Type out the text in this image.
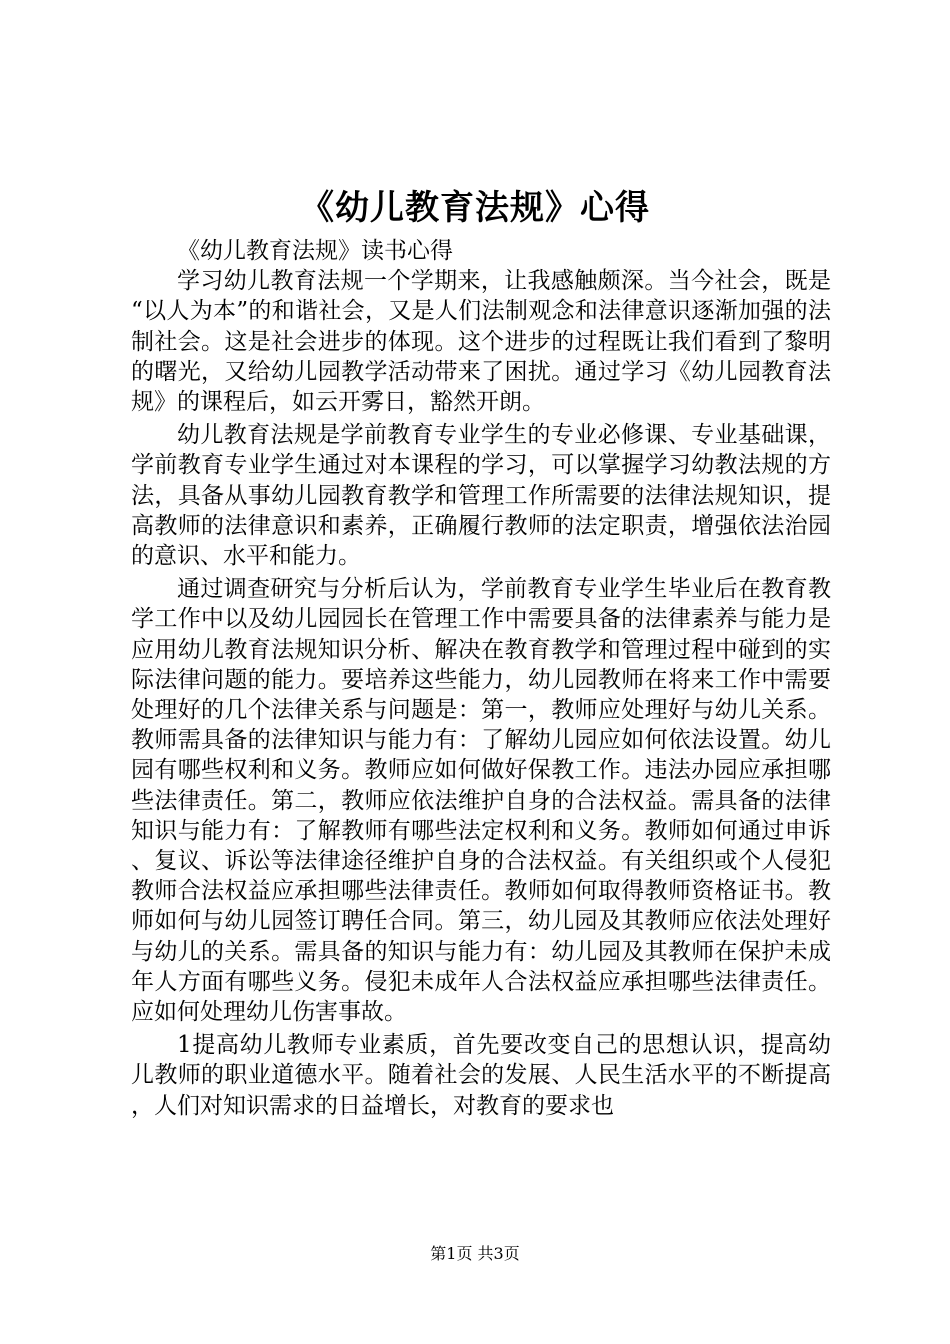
《幼儿教育法规》心得

《幼儿教育法规》读书心得

学习幼儿教育法规一个学期来，让我感触颇深。当今社会，既是“以人为本”的和谐社会，又是人们法制观念和法律意识逐渐加强的法制社会。这是社会进步的体现。这个进步的过程既让我们看到了黎明的曙光，又给幼儿园教学活动带来了困扰。通过学习《幼儿园教育法规》的课程后，如云开雾日，豁然开朗。

幼儿教育法规是学前教育专业学生的专业必修课、专业基础课，学前教育专业学生通过对本课程的学习，可以掌握学习幼教法规的方法，具备从事幼儿园教育教学和管理工作所需要的法律法规知识，提高教师的法律意识和素养，正确履行教师的法定职责，增强依法治园的意识、水平和能力。

通过调查研究与分析后认为，学前教育专业学生毕业后在教育教学工作中以及幼儿园园长在管理工作中需要具备的法律素养与能力是应用幼儿教育法规知识分析、解决在教育教学和管理过程中碰到的实际法律问题的能力。要培养这些能力，幼儿园教师在将来工作中需要处理好的几个法律关系与问题是：第一，教师应处理好与幼儿关系。教师需具备的法律知识与能力有：了解幼儿园应如何依法设置。幼儿园有哪些权利和义务。教师应如何做好保教工作。违法办园应承担哪些法律责任。第二，教师应依法维护自身的合法权益。需具备的法律知识与能力有：了解教师有哪些法定权利和义务。教师如何通过申诉、复议、诉讼等法律途径维护自身的合法权益。有关组织或个人侵犯教师合法权益应承担哪些法律责任。教师如何取得教师资格证书。教师如何与幼儿园签订聘任合同。第三，幼儿园及其教师应依法处理好与幼儿的关系。需具备的知识与能力有：幼儿园及其教师在保护未成年人方面有哪些义务。侵犯未成年人合法权益应承担哪些法律责任。应如何处理幼儿伤害事故。

1提高幼儿教师专业素质，首先要改变自己的思想认识，提高幼儿教师的职业道德水平。随着社会的发展、人民生活水平的不断提高，人们对知识需求的日益增长，对教育的要求也

第1页 共3页
